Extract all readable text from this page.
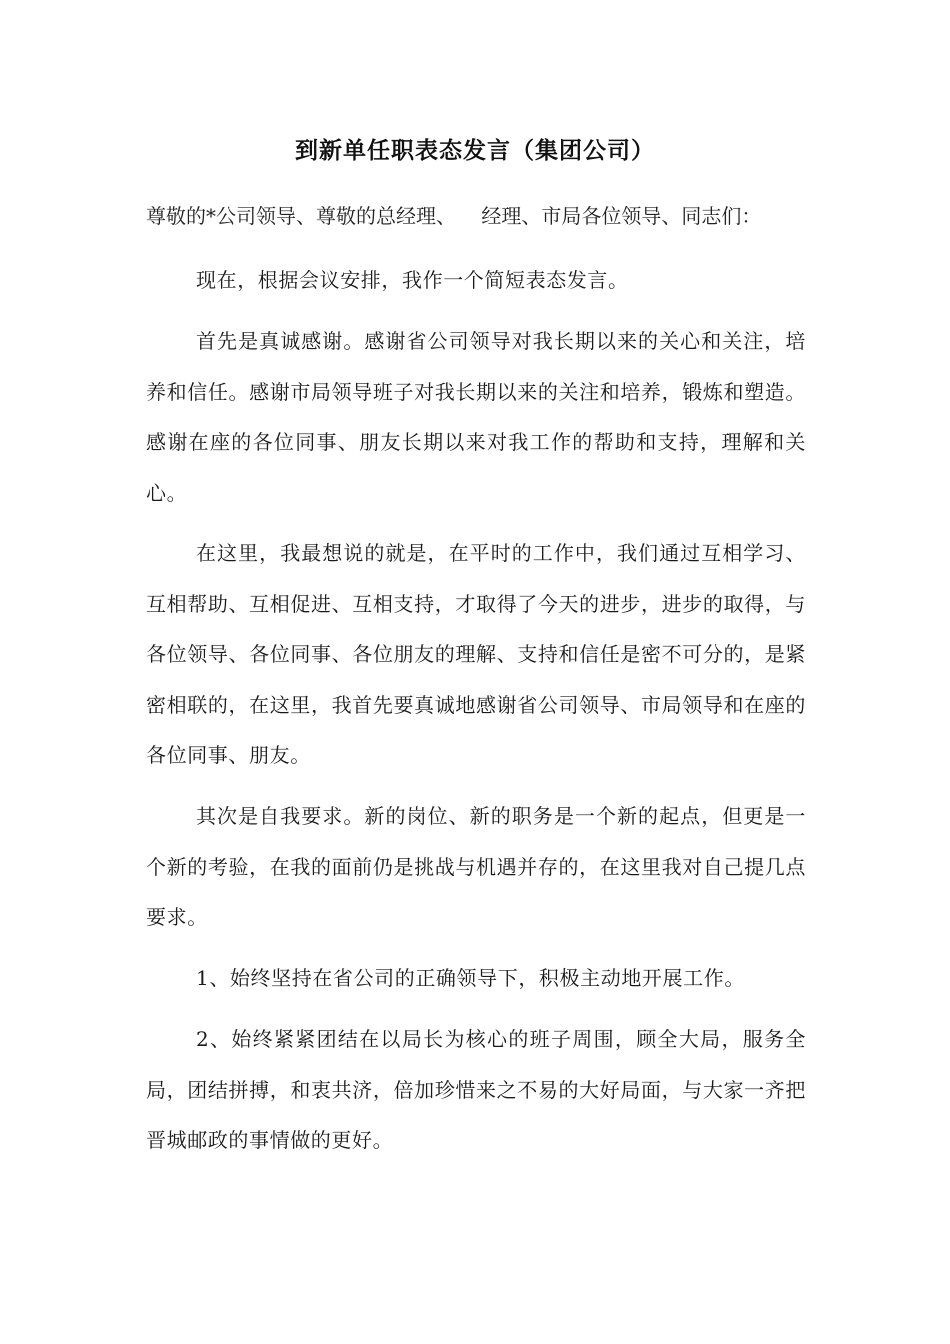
到新单任职表态发言（集团公司）
尊敬的*公司领导、尊敬的总经理、    经理、市局各位领导、同志们：
现在，根据会议安排，我作一个简短表态发言。
首先是真诚感谢。感谢省公司领导对我长期以来的关心和关注，培养和信任。感谢市局领导班子对我长期以来的关注和培养，锻炼和塑造。感谢在座的各位同事、朋友长期以来对我工作的帮助和支持，理解和关心。
在这里，我最想说的就是，在平时的工作中，我们通过互相学习、互相帮助、互相促进、互相支持，才取得了今天的进步，进步的取得，与各位领导、各位同事、各位朋友的理解、支持和信任是密不可分的，是紧密相联的，在这里，我首先要真诚地感谢省公司领导、市局领导和在座的各位同事、朋友。
其次是自我要求。新的岗位、新的职务是一个新的起点，但更是一个新的考验，在我的面前仍是挑战与机遇并存的，在这里我对自己提几点要求。
1、始终坚持在省公司的正确领导下，积极主动地开展工作。
2、始终紧紧团结在以局长为核心的班子周围，顾全大局，服务全局，团结拼搏，和衷共济，倍加珍惜来之不易的大好局面，与大家一齐把晋城邮政的事情做的更好。
